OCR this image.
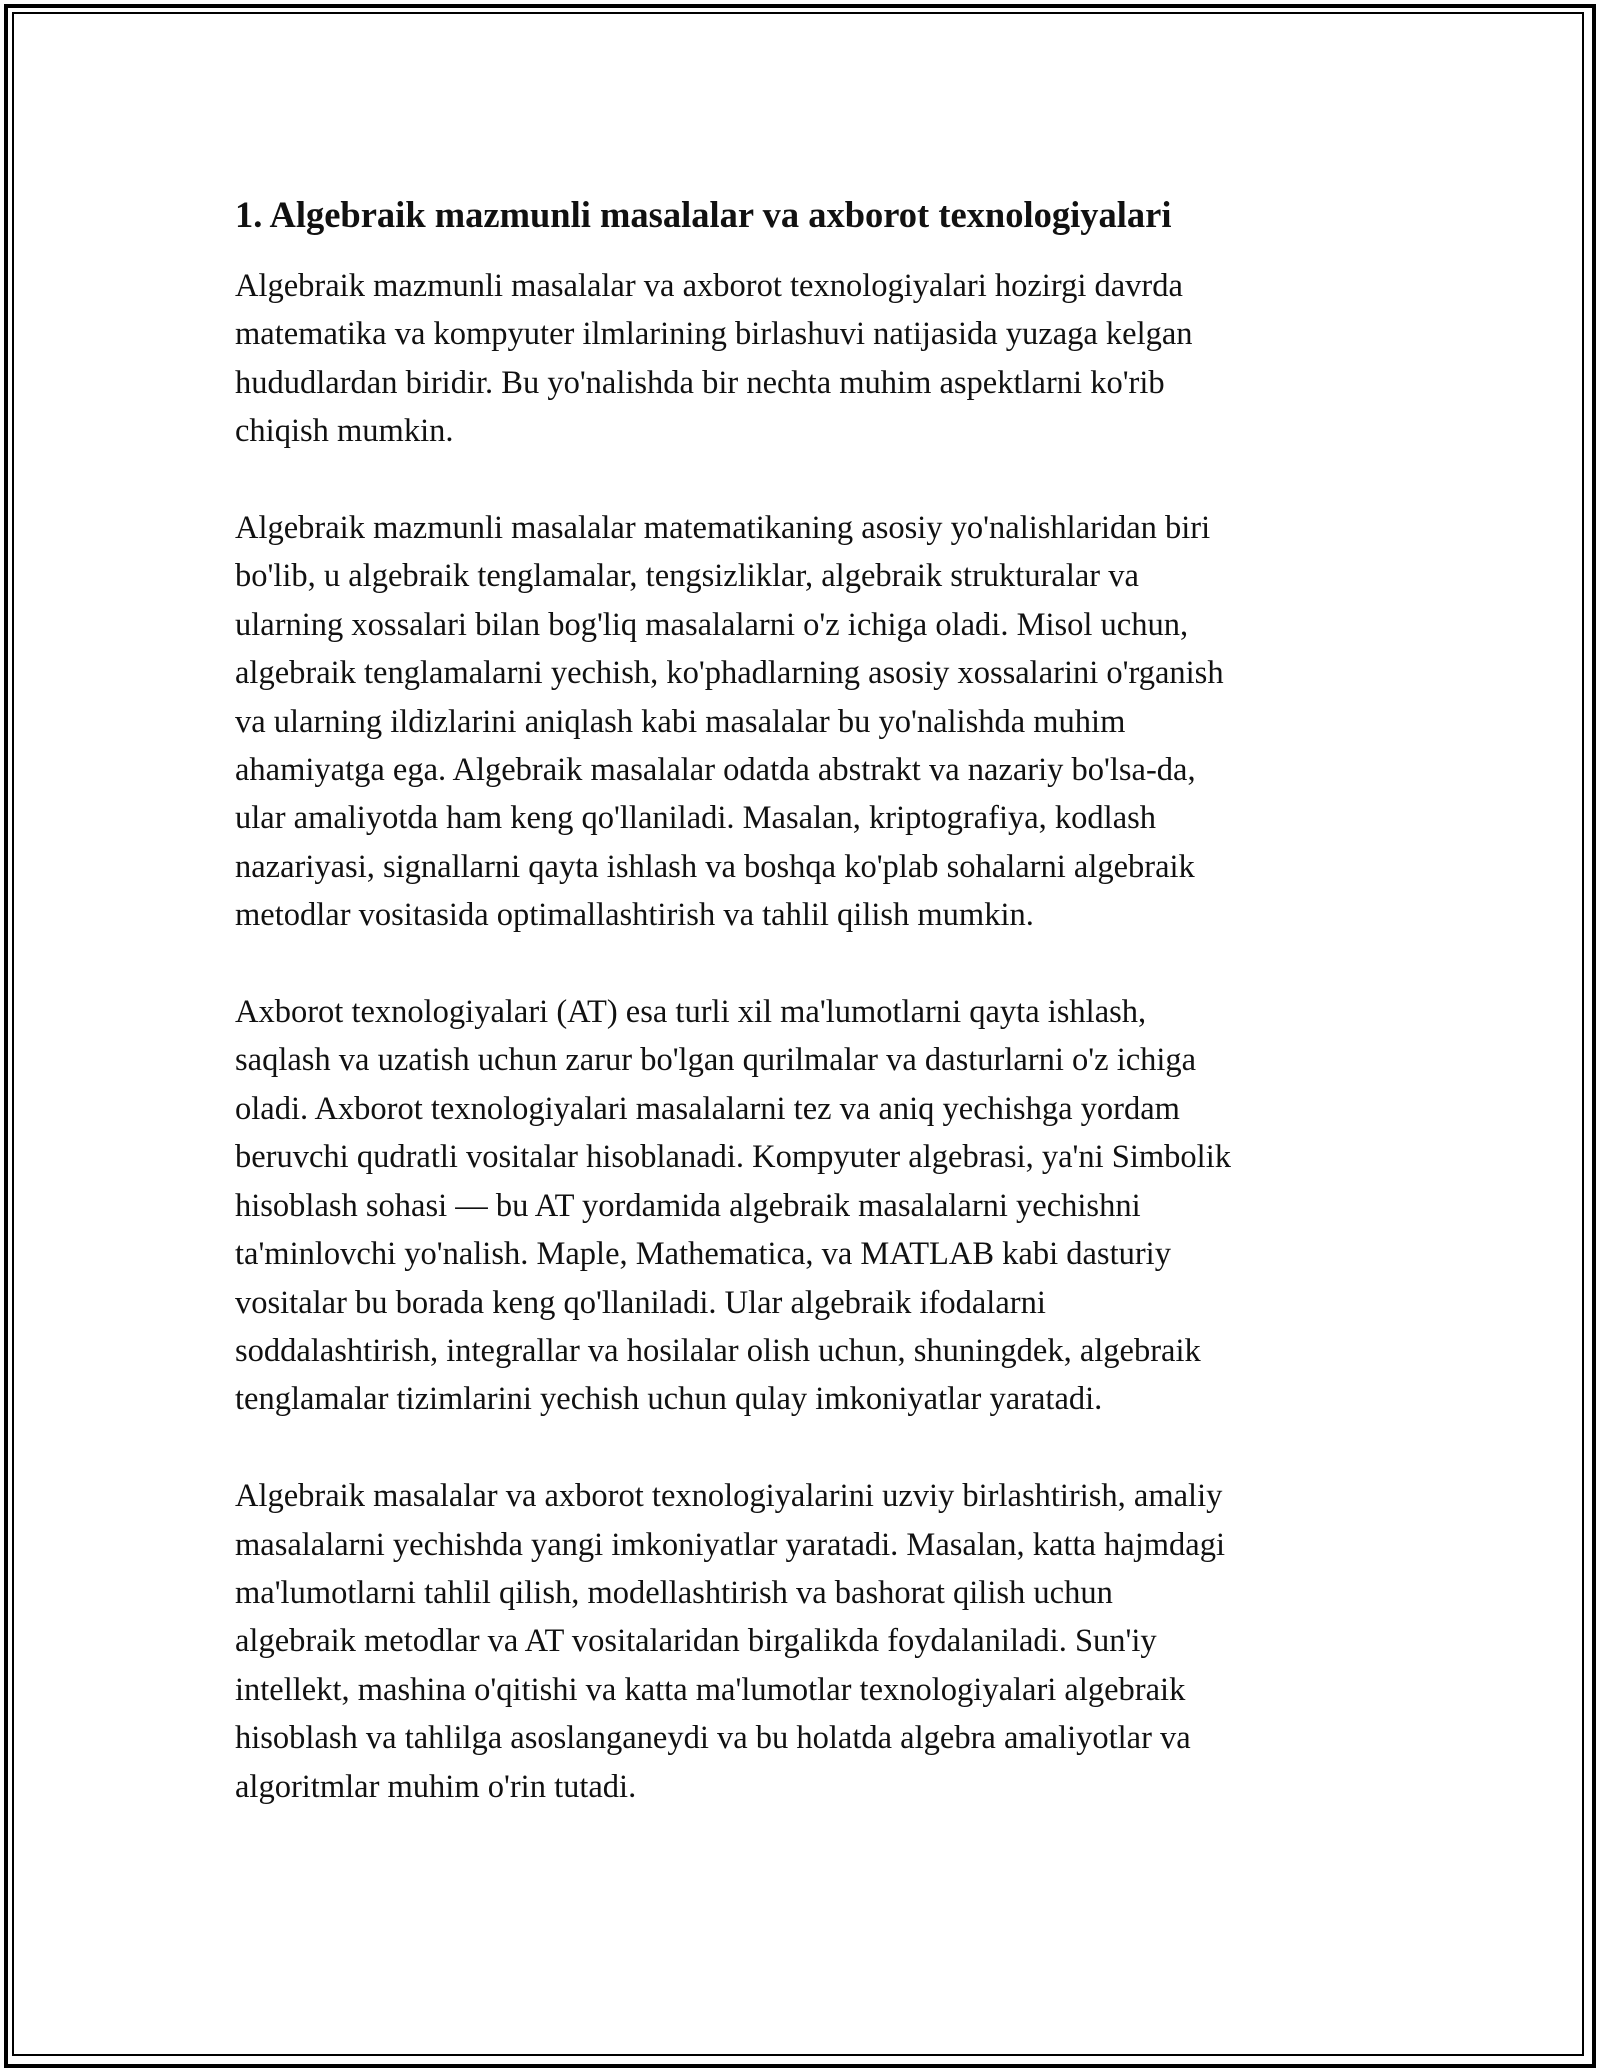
1. Algebraik mazmunli masalalar va axborot texnologiyalari
Algebraik mazmunli masalalar va axborot texnologiyalari hozirgi davrda
matematika va kompyuter ilmlarining birlashuvi natijasida yuzaga kelgan
hududlardan biridir. Bu yo'nalishda bir nechta muhim aspektlarni ko'rib
chiqish mumkin.
Algebraik mazmunli masalalar matematikaning asosiy yo'nalishlaridan biri
bo'lib, u algebraik tenglamalar, tengsizliklar, algebraik strukturalar va
ularning xossalari bilan bog'liq masalalarni o'z ichiga oladi. Misol uchun,
algebraik tenglamalarni yechish, ko'phadlarning asosiy xossalarini o'rganish
va ularning ildizlarini aniqlash kabi masalalar bu yo'nalishda muhim
ahamiyatga ega. Algebraik masalalar odatda abstrakt va nazariy bo'lsa-da,
ular amaliyotda ham keng qo'llaniladi. Masalan, kriptografiya, kodlash
nazariyasi, signallarni qayta ishlash va boshqa ko'plab sohalarni algebraik
metodlar vositasida optimallashtirish va tahlil qilish mumkin.
Axborot texnologiyalari (AT) esa turli xil ma'lumotlarni qayta ishlash,
saqlash va uzatish uchun zarur bo'lgan qurilmalar va dasturlarni o'z ichiga
oladi. Axborot texnologiyalari masalalarni tez va aniq yechishga yordam
beruvchi qudratli vositalar hisoblanadi. Kompyuter algebrasi, ya'ni Simbolik
hisoblash sohasi — bu AT yordamida algebraik masalalarni yechishni
ta'minlovchi yo'nalish. Maple, Mathematica, va MATLAB kabi dasturiy
vositalar bu borada keng qo'llaniladi. Ular algebraik ifodalarni
soddalashtirish, integrallar va hosilalar olish uchun, shuningdek, algebraik
tenglamalar tizimlarini yechish uchun qulay imkoniyatlar yaratadi.
Algebraik masalalar va axborot texnologiyalarini uzviy birlashtirish, amaliy
masalalarni yechishda yangi imkoniyatlar yaratadi. Masalan, katta hajmdagi
ma'lumotlarni tahlil qilish, modellashtirish va bashorat qilish uchun
algebraik metodlar va AT vositalaridan birgalikda foydalaniladi. Sun'iy
intellekt, mashina o'qitishi va katta ma'lumotlar texnologiyalari algebraik
hisoblash va tahlilga asoslanganeydi va bu holatda algebra amaliyotlar va
algoritmlar muhim o'rin tutadi.
